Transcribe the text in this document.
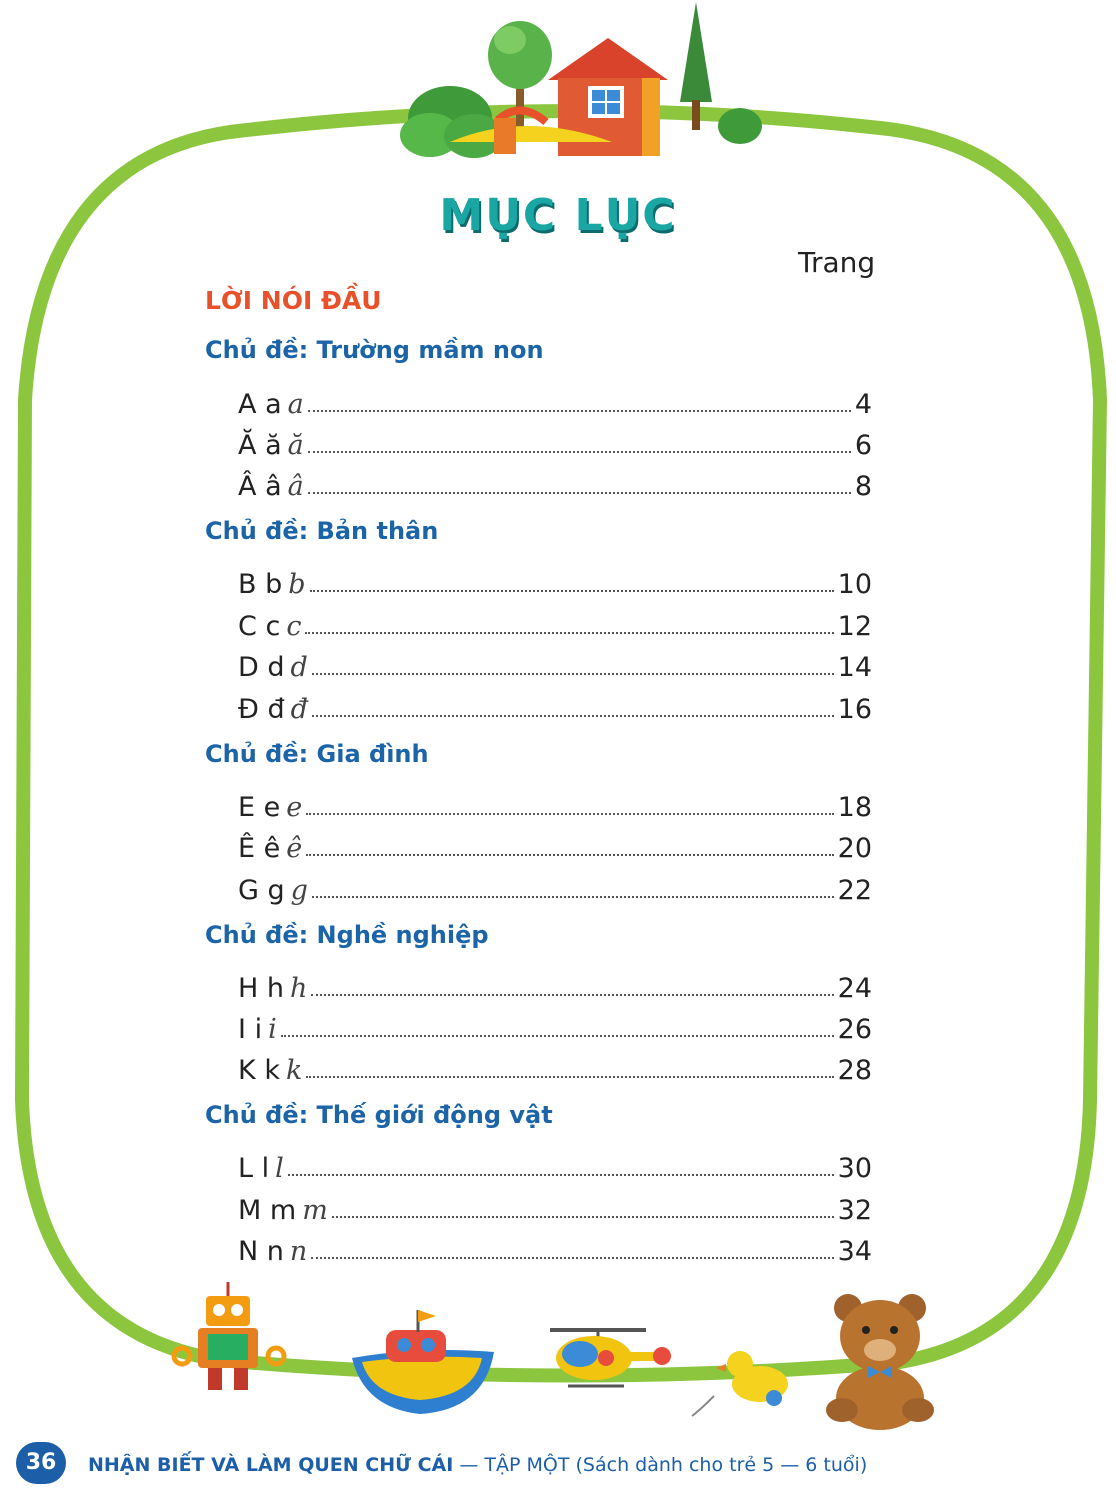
MỤC LỤC
Trang
LỜI NÓI ĐẦU
Chủ đề: Trường mầm non
A a a	4
Ă ă ă	6
Â â â	8
Chủ đề: Bản thân
B b b	10
C c c	12
D d d	14
Đ đ đ	16
Chủ đề: Gia đình
E e e	18
Ê ê ê	20
G g g	22
Chủ đề: Nghề nghiệp
H h h	24
I i i	26
K k k	28
Chủ đề: Thế giới động vật
L l l	30
M m m	32
N n n	34
36	NHẬN BIẾT VÀ LÀM QUEN CHỮ CÁI — TẬP MỘT (Sách dành cho trẻ 5 — 6 tuổi)
